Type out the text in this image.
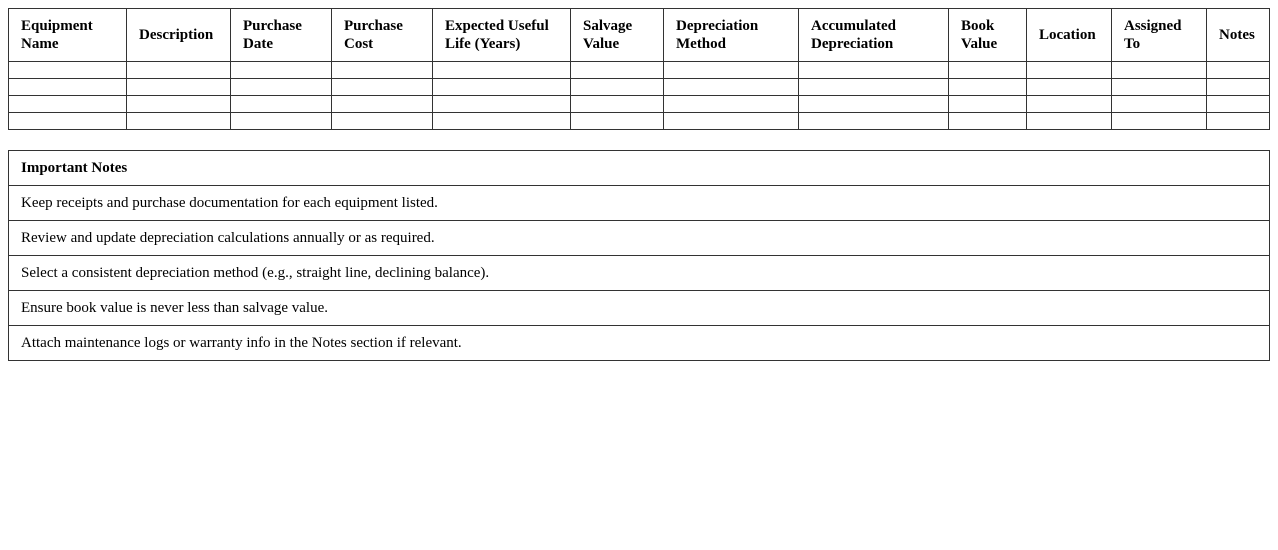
Equipment Name	Description	Purchase Date	Purchase Cost	Expected Useful Life (Years)	Salvage Value	Depreciation Method	Accumulated Depreciation	Book Value	Location	Assigned To	Notes

Important Notes
Keep receipts and purchase documentation for each equipment listed.
Review and update depreciation calculations annually or as required.
Select a consistent depreciation method (e.g., straight line, declining balance).
Ensure book value is never less than salvage value.
Attach maintenance logs or warranty info in the Notes section if relevant.
